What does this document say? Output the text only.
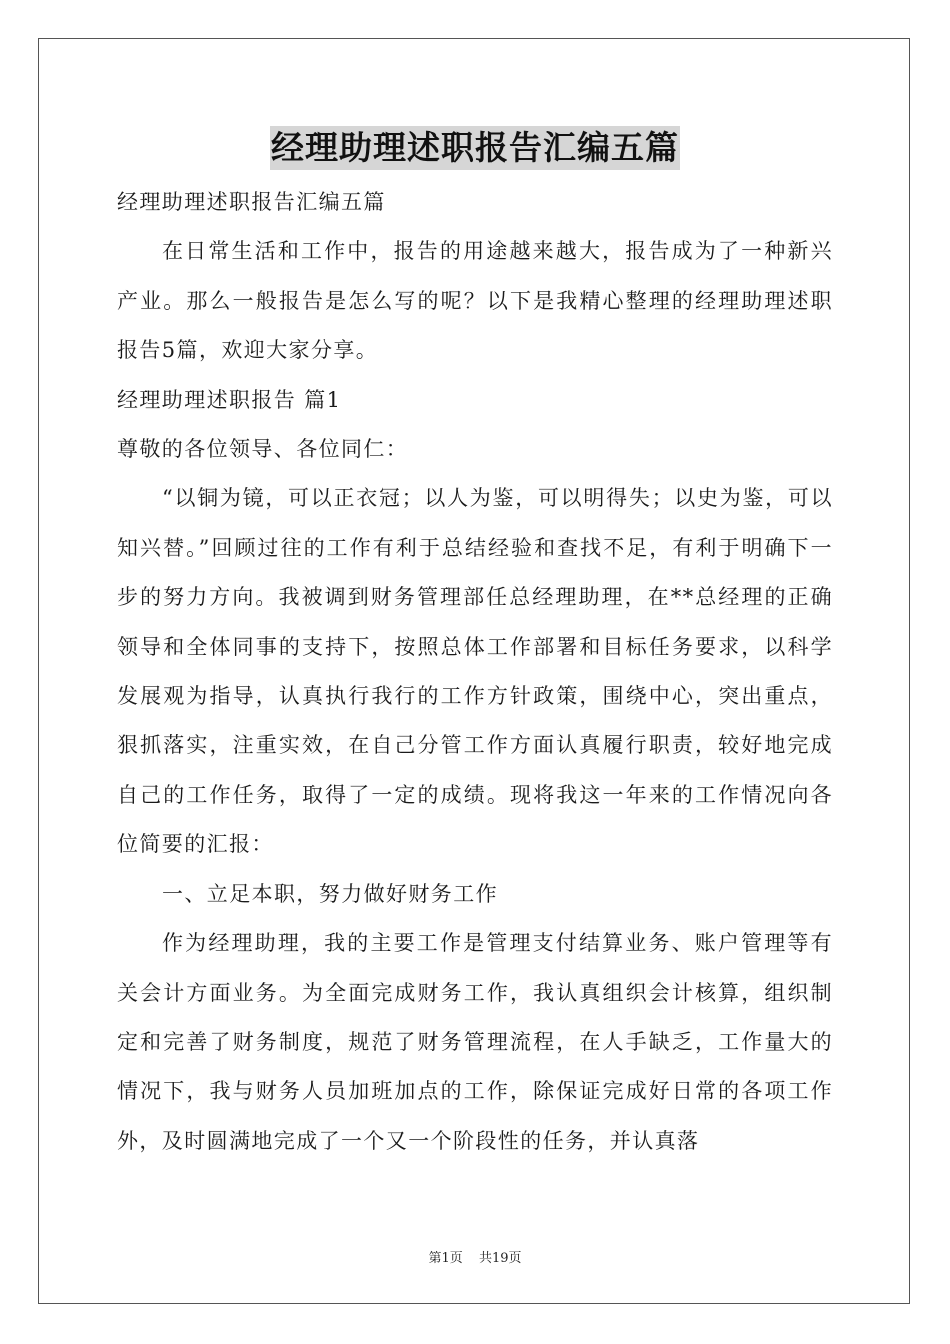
经理助理述职报告汇编五篇

经理助理述职报告汇编五篇

在日常生活和工作中，报告的用途越来越大，报告成为了一种新兴产业。那么一般报告是怎么写的呢？以下是我精心整理的经理助理述职报告5篇，欢迎大家分享。

经理助理述职报告 篇1

尊敬的各位领导、各位同仁：

“以铜为镜，可以正衣冠；以人为鉴，可以明得失；以史为鉴，可以知兴替。”回顾过往的工作有利于总结经验和查找不足，有利于明确下一步的努力方向。我被调到财务管理部任总经理助理，在**总经理的正确领导和全体同事的支持下，按照总体工作部署和目标任务要求，以科学发展观为指导，认真执行我行的工作方针政策，围绕中心，突出重点，狠抓落实，注重实效，在自己分管工作方面认真履行职责，较好地完成自己的工作任务，取得了一定的成绩。现将我这一年来的工作情况向各位简要的汇报：

一、立足本职，努力做好财务工作

作为经理助理，我的主要工作是管理支付结算业务、账户管理等有关会计方面业务。为全面完成财务工作，我认真组织会计核算，组织制定和完善了财务制度，规范了财务管理流程，在人手缺乏，工作量大的情况下，我与财务人员加班加点的工作，除保证完成好日常的各项工作外，及时圆满地完成了一个又一个阶段性的任务，并认真落

第1页 共19页
